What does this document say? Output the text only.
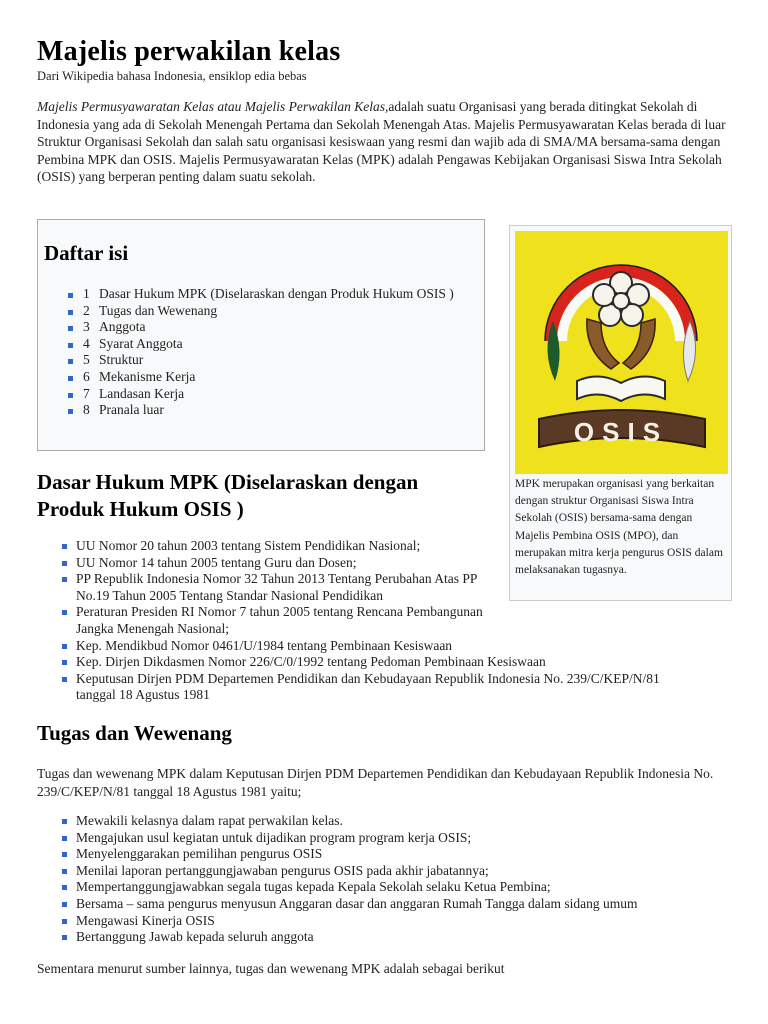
Majelis perwakilan kelas
Dari Wikipedia bahasa Indonesia, ensiklop edia bebas
Majelis Permusyawaratan Kelas atau Majelis Perwakilan Kelas,adalah suatu Organisasi yang berada ditingkat Sekolah di Indonesia yang ada di Sekolah Menengah Pertama dan Sekolah Menengah Atas. Majelis Permusyawaratan Kelas berada di luar Struktur Organisasi Sekolah dan salah satu organisasi kesiswaan yang resmi dan wajib ada di SMA/MA bersama-sama dengan Pembina MPK dan OSIS. Majelis Permusyawaratan Kelas (MPK) adalah Pengawas Kebijakan Organisasi Siswa Intra Sekolah (OSIS) yang berperan penting dalam suatu sekolah.
Daftar isi
1 Dasar Hukum MPK (Diselaraskan dengan Produk Hukum OSIS )
2 Tugas dan Wewenang
3 Anggota
4 Syarat Anggota
5 Struktur
6 Mekanisme Kerja
7 Landasan Kerja
8 Pranala luar
OSIS
MPK merupakan organisasi yang berkaitan dengan struktur Organisasi Siswa Intra Sekolah (OSIS) bersama-sama dengan Majelis Pembina OSIS (MPO), dan merupakan mitra kerja pengurus OSIS dalam melaksanakan tugasnya.
Dasar Hukum MPK (Diselaraskan dengan Produk Hukum OSIS )
UU Nomor 20 tahun 2003 tentang Sistem Pendidikan Nasional;
UU Nomor 14 tahun 2005 tentang Guru dan Dosen;
PP Republik Indonesia Nomor 32 Tahun 2013 Tentang Perubahan Atas PP No.19 Tahun 2005 Tentang Standar Nasional Pendidikan
Peraturan Presiden RI Nomor 7 tahun 2005 tentang Rencana Pembangunan Jangka Menengah Nasional;
Kep. Mendikbud Nomor 0461/U/1984 tentang Pembinaan Kesiswaan
Kep. Dirjen Dikdasmen Nomor 226/C/0/1992 tentang Pedoman Pembinaan Kesiswaan
Keputusan Dirjen PDM Departemen Pendidikan dan Kebudayaan Republik Indonesia No. 239/C/KEP/N/81 tanggal 18 Agustus 1981
Tugas dan Wewenang

Tugas dan wewenang MPK dalam Keputusan Dirjen PDM Departemen Pendidikan dan Kebudayaan Republik Indonesia No. 239/C/KEP/N/81 tanggal 18 Agustus 1981 yaitu;

Mewakili kelasnya dalam rapat perwakilan kelas.
Mengajukan usul kegiatan untuk dijadikan program program kerja OSIS;
Menyelenggarakan pemilihan pengurus OSIS
Menilai laporan pertanggungjawaban pengurus OSIS pada akhir jabatannya;
Mempertanggungjawabkan segala tugas kepada Kepala Sekolah selaku Ketua Pembina;
Bersama – sama pengurus menyusun Anggaran dasar dan anggaran Rumah Tangga dalam sidang umum
Mengawasi Kinerja OSIS
Bertanggung Jawab kepada seluruh anggota

Sementara menurut sumber lainnya, tugas dan wewenang MPK adalah sebagai berikut
